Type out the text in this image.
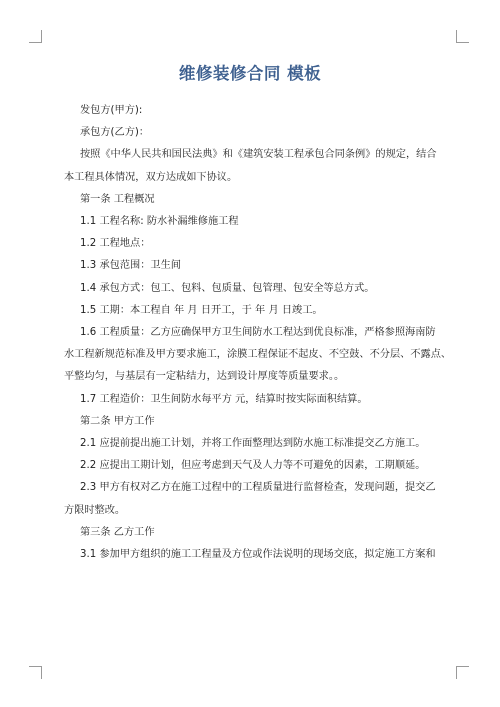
维修装修合同 模板

发包方(甲方):

承包方(乙方)：

按照《中华人民共和国民法典》和《建筑安装工程承包合同条例》的规定，结合

本工程具体情况，双方达成如下协议。

第一条 工程概况

1.1 工程名称: 防水补漏维修施工程

1.2 工程地点：

1.3 承包范围：卫生间

1.4 承包方式：包工、包料、包质量、包管理、包安全等总方式。

1.5 工期：本工程自 年 月 日开工，于 年 月 日竣工。

1.6 工程质量：乙方应确保甲方卫生间防水工程达到优良标准，严格参照海南防

水工程新规范标准及甲方要求施工，涂膜工程保证不起皮、不空鼓、不分层、不露点、

平整均匀，与基层有一定粘结力，达到设计厚度等质量要求。。

1.7 工程造价：卫生间防水每平方 元，结算时按实际面积结算。

第二条 甲方工作

2.1 应提前提出施工计划，并将工作面整理达到防水施工标准提交乙方施工。

2.2 应提出工期计划，但应考虑到天气及人力等不可避免的因素，工期顺延。

2.3 甲方有权对乙方在施工过程中的工程质量进行监督检查，发现问题，提交乙

方限时整改。

第三条 乙方工作

3.1 参加甲方组织的施工工程量及方位或作法说明的现场交底，拟定施工方案和
